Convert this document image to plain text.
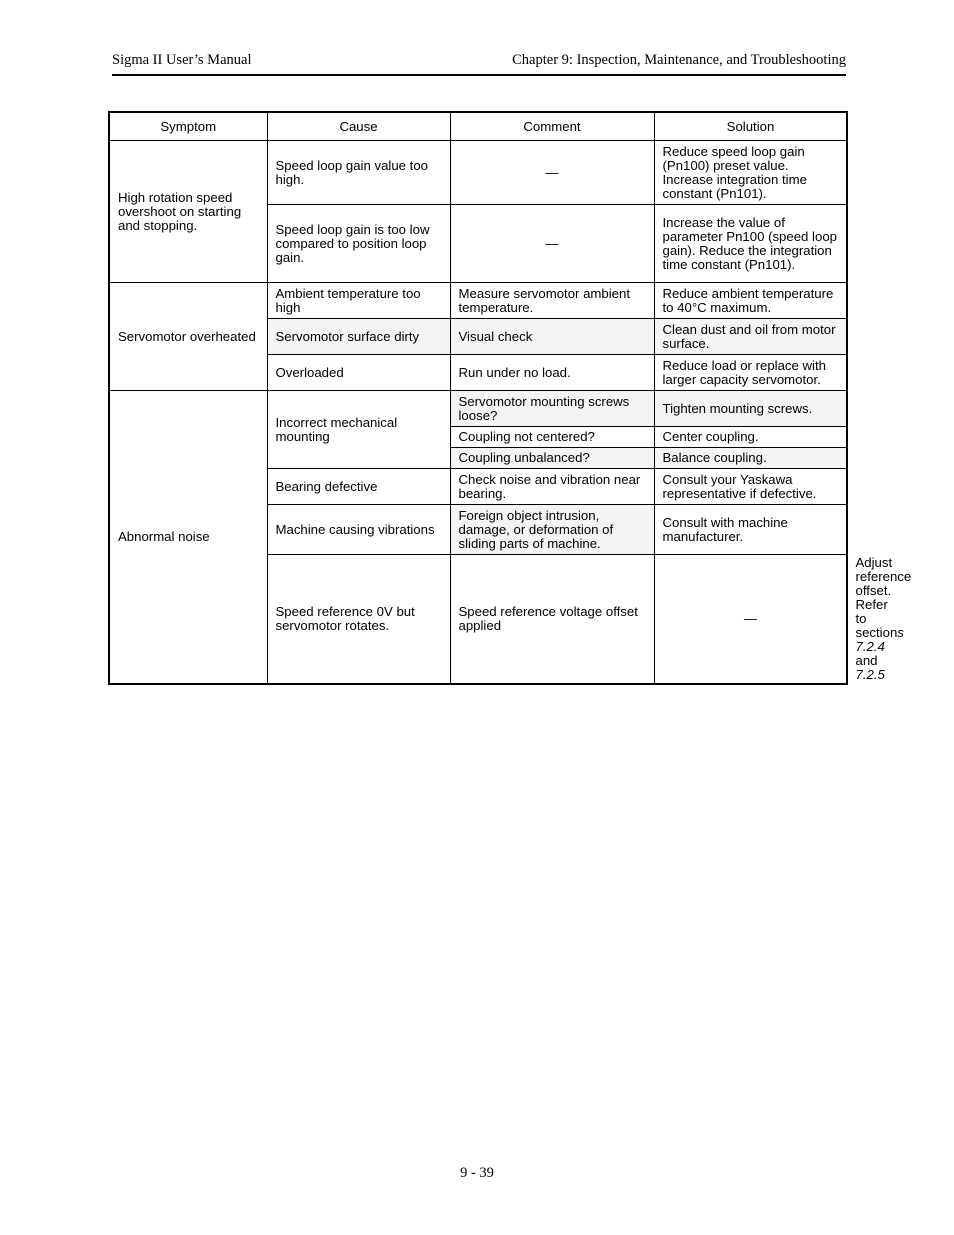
Sigma II User’s Manual	Chapter 9: Inspection, Maintenance, and Troubleshooting
Symptom	Cause	Comment	Solution	
High rotation speed overshoot on starting and stopping.	Speed loop gain value too high.	—	Reduce speed loop gain (Pn100) preset value. Increase integration time constant (Pn101).	
	Speed loop gain is too low compared to position loop gain.	—	Increase the value of parameter Pn100 (speed loop gain). Reduce the integration time constant (Pn101).	
Servomotor overheated	Ambient temperature too high	Measure servomotor ambient temperature.	Reduce ambient temperature to 40°C maximum.	
	Servomotor surface dirty	Visual check	Clean dust and oil from motor surface.	
	Overloaded	Run under no load.	Reduce load or replace with larger capacity servomotor.	
Abnormal noise	Incorrect mechanical mounting	Servomotor mounting screws loose?	Tighten mounting screws.	
		Coupling not centered?	Center coupling.	
		Coupling unbalanced?	Balance coupling.	
	Bearing defective	Check noise and vibration near bearing.	Consult your Yaskawa representative if defective.	
	Machine causing vibrations	Foreign object intrusion, damage, or deformation of sliding parts of machine.	Consult with machine manufacturer.	
	Speed reference 0V but servomotor rotates.	Speed reference voltage offset applied	—	Adjust reference offset. Refer to sections 7.2.4 and 7.2.5
9 - 39
